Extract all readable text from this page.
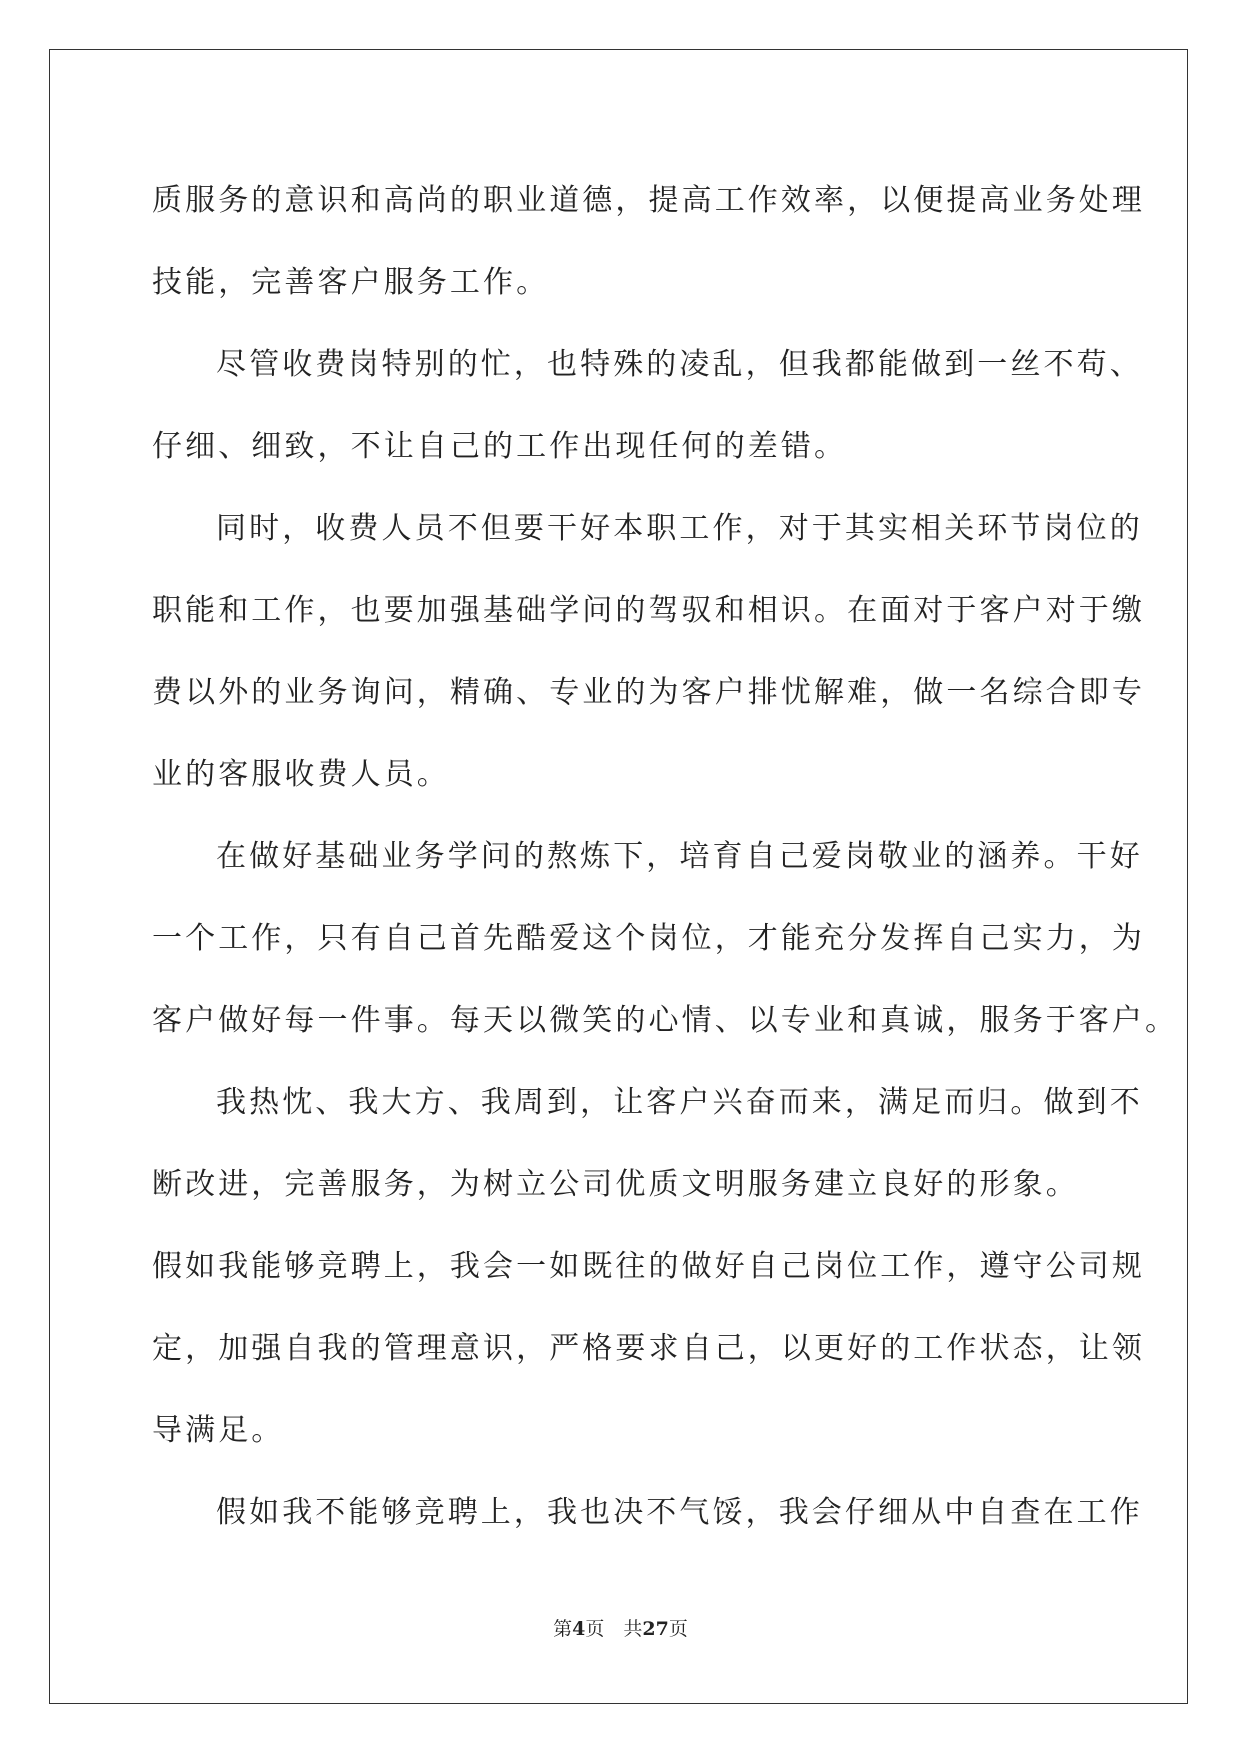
质服务的意识和高尚的职业道德，提高工作效率，以便提高业务处理
技能，完善客户服务工作。
尽管收费岗特别的忙，也特殊的凌乱，但我都能做到一丝不苟、
仔细、细致，不让自己的工作出现任何的差错。
同时，收费人员不但要干好本职工作，对于其实相关环节岗位的
职能和工作，也要加强基础学问的驾驭和相识。在面对于客户对于缴
费以外的业务询问，精确、专业的为客户排忧解难，做一名综合即专
业的客服收费人员。
在做好基础业务学问的熬炼下，培育自己爱岗敬业的涵养。干好
一个工作，只有自己首先酷爱这个岗位，才能充分发挥自己实力，为
客户做好每一件事。每天以微笑的心情、以专业和真诚，服务于客户。
我热忱、我大方、我周到，让客户兴奋而来，满足而归。做到不
断改进，完善服务，为树立公司优质文明服务建立良好的形象。
假如我能够竞聘上，我会一如既往的做好自己岗位工作，遵守公司规
定，加强自我的管理意识，严格要求自己，以更好的工作状态，让领
导满足。
假如我不能够竞聘上，我也决不气馁，我会仔细从中自查在工作
第4页　共27页
